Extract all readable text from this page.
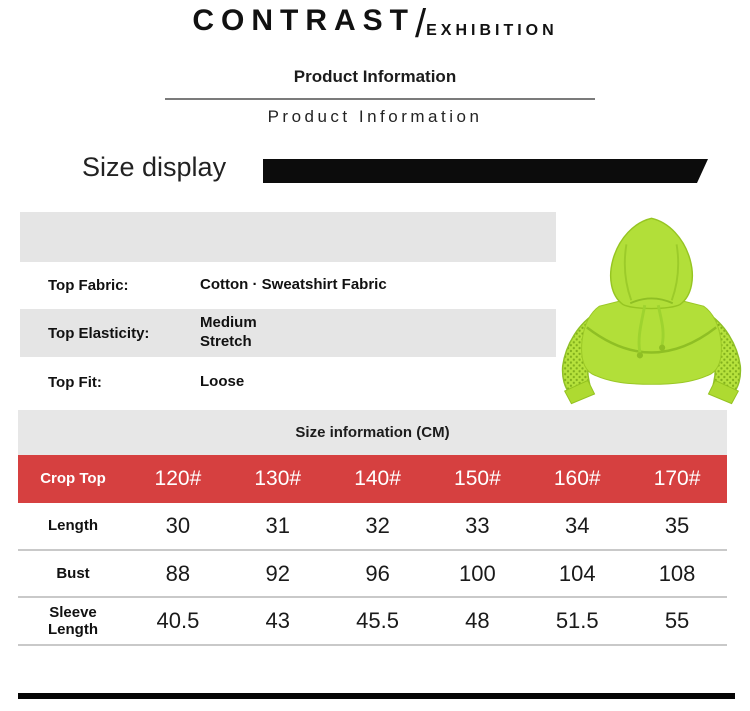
CONTRAST/EXHIBITION
Product Information
Product Information
Size display
Top Fabric:	Cotton · Sweatshirt Fabric
Top Elasticity:
Medium Stretch
Top Fit:	Loose
Size information (CM)
Crop Top	120#	130#	140#	150#	160#	170#
Length	30	31	32	33	34	35
Bust	88	92	96	100	104	108
Sleeve Length	40.5	43	45.5	48	51.5	55
